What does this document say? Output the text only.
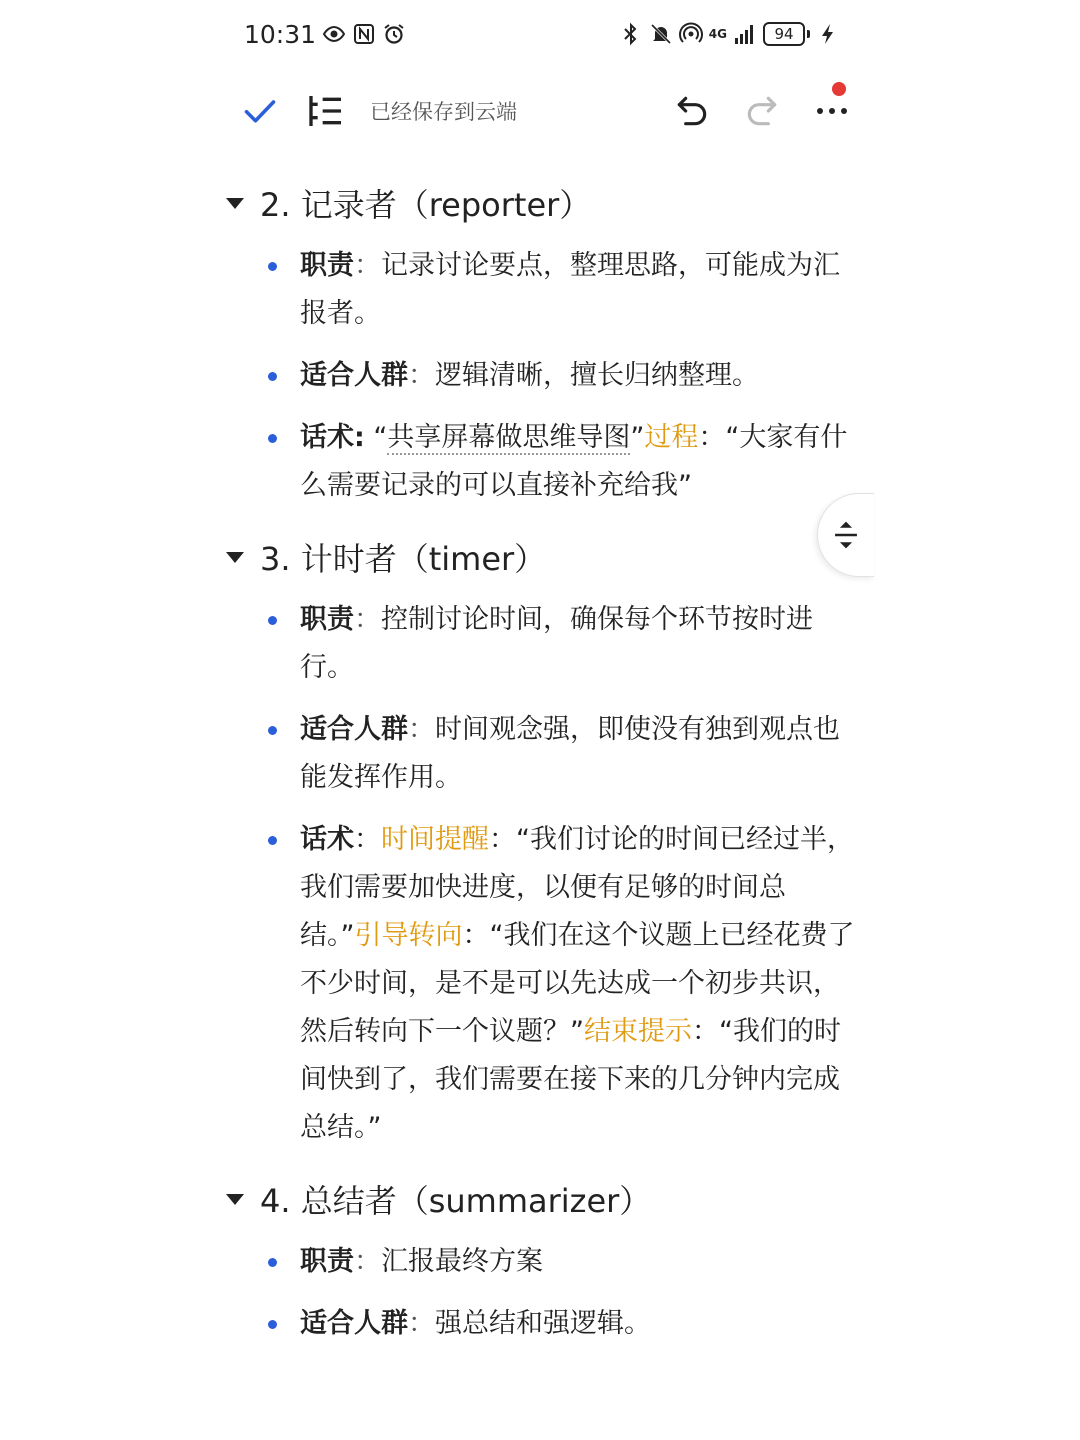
10:31	4G	94
已经保存到云端
2. 记录者（reporter）
职责：记录讨论要点，整理思路，可能成为汇报者。
适合人群：逻辑清晰，擅长归纳整理。
话术: “共享屏幕做思维导图”过程：“大家有什么需要记录的可以直接补充给我”
3. 计时者（timer）
职责：控制讨论时间，确保每个环节按时进行。
适合人群：时间观念强，即使没有独到观点也能发挥作用。
话术：时间提醒：“我们讨论的时间已经过半，我们需要加快进度，以便有足够的时间总结。”引导转向：“我们在这个议题上已经花费了不少时间，是不是可以先达成一个初步共识，然后转向下一个议题？”结束提示：“我们的时间快到了，我们需要在接下来的几分钟内完成总结。”
4. 总结者（summarizer）
职责：汇报最终方案
适合人群：强总结和强逻辑。
